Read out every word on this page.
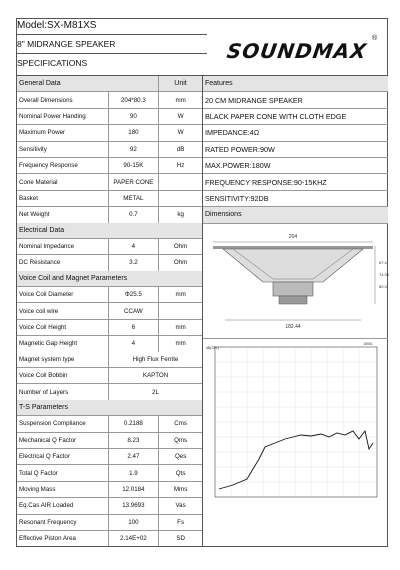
Model:SX-M81XS
8" MIDRANGE SPEAKER
SPECIFICATIONS	SOUNDMAX
®
General Data	Unit
Overall Dimensions	204*80.3	mm
Nominal Power Handing	90	W
Maximum Power	180	W
Sensitivity	92	dB
Frequency Response	90-15K	Hz
Cone Material	PAPER CONE
Basket	METAL
Net Weight	0.7	kg
Electrical Data
Nominal Impedance	4	Ohm
DC Resistance	3.2	Ohm
Voice Coil and Magnet Parameters
Voice Coil Diameter	Φ25.5	mm
Voice coil wire	CCAW
Voice Coil Height	6	mm
Magnetic Gap Height	4	mm
Magnet system type	High Flux Ferrite
Voice Coil Bobbin	KAPTON
Number of Layers	2L
T-S Parameters
Suspension Compliance	0.2188	Cms
Mechanical Q Factor	8.23	Qms
Electrical Q Factor	2.47	Qes
Total Q Factor	1.9	Qts
Moving Mass	12.0184	Mms
Eq.Cas AIR Loaded	13.9693	Vas
Resonant Frequency	100	Fs
Effective Piston Area	2.14E+02	SD
Features
20 CM MIDRANGE SPEAKER
BLACK PAPER CONE WITH CLOTH EDGE
IMPEDANCE:4Ω
RATED POWER:90W
MAX.POWER:180W
FREQUENCY RESPONSE:90-15KHZ
SENSITIVITY:92DB
Dimensions
204
182.44
67.4
74.36
80.3
dB(SPL)
1500L
